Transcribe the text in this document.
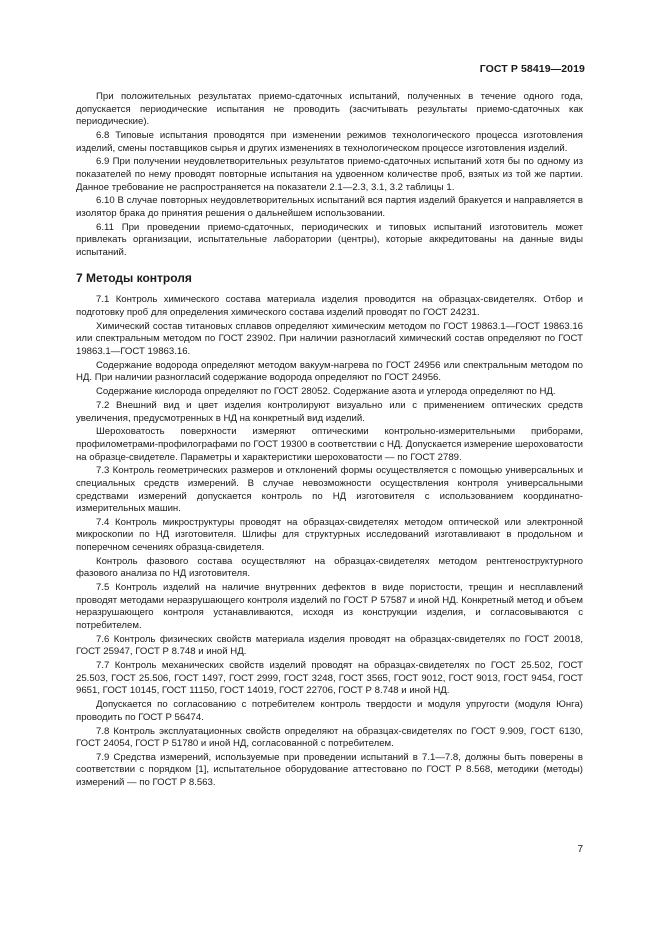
ГОСТ Р 58419—2019

При положительных результатах приемо-сдаточных испытаний, полученных в течение одного года, допускается периодические испытания не проводить (засчитывать результаты приемо-сдаточных как периодические).

6.8 Типовые испытания проводятся при изменении режимов технологического процесса изготовления изделий, смены поставщиков сырья и других изменениях в технологическом процессе изготовления изделий.

6.9 При получении неудовлетворительных результатов приемо-сдаточных испытаний хотя бы по одному из показателей по нему проводят повторные испытания на удвоенном количестве проб, взятых из той же партии. Данное требование не распространяется на показатели 2.1—2.3, 3.1, 3.2 таблицы 1.

6.10 В случае повторных неудовлетворительных испытаний вся партия изделий бракуется и направляется в изолятор брака до принятия решения о дальнейшем использовании.

6.11 При проведении приемо-сдаточных, периодических и типовых испытаний изготовитель может привлекать организации, испытательные лаборатории (центры), которые аккредитованы на данные виды испытаний.

7 Методы контроля

7.1 Контроль химического состава материала изделия проводится на образцах-свидетелях. Отбор и подготовку проб для определения химического состава изделий проводят по ГОСТ 24231.

Химический состав титановых сплавов определяют химическим методом по ГОСТ 19863.1—ГОСТ 19863.16 или спектральным методом по ГОСТ 23902. При наличии разногласий химический состав определяют по ГОСТ 19863.1—ГОСТ 19863.16.

Содержание водорода определяют методом вакуум-нагрева по ГОСТ 24956 или спектральным методом по НД. При наличии разногласий содержание водорода определяют по ГОСТ 24956.

Содержание кислорода определяют по ГОСТ 28052. Содержание азота и углерода определяют по НД.

7.2 Внешний вид и цвет изделия контролируют визуально или с применением оптических средств увеличения, предусмотренных в НД на конкретный вид изделий.

Шероховатость поверхности измеряют оптическими контрольно-измерительными приборами, профилометрами-профилографами по ГОСТ 19300 в соответствии с НД. Допускается измерение шероховатости на образце-свидетеле. Параметры и характеристики шероховатости — по ГОСТ 2789.

7.3 Контроль геометрических размеров и отклонений формы осуществляется с помощью универсальных и специальных средств измерений. В случае невозможности осуществления контроля универсальными средствами измерений допускается контроль по НД изготовителя с использованием координатно-измерительных машин.

7.4 Контроль микроструктуры проводят на образцах-свидетелях методом оптической или электронной микроскопии по НД изготовителя. Шлифы для структурных исследований изготавливают в продольном и поперечном сечениях образца-свидетеля.

Контроль фазового состава осуществляют на образцах-свидетелях методом рентгеноструктурного фазового анализа по НД изготовителя.

7.5 Контроль изделий на наличие внутренних дефектов в виде пористости, трещин и несплавлений проводят методами неразрушающего контроля изделий по ГОСТ Р 57587 и иной НД. Конкретный метод и объем неразрушающего контроля устанавливаются, исходя из конструкции изделия, и согласовываются с потребителем.

7.6 Контроль физических свойств материала изделия проводят на образцах-свидетелях по ГОСТ 20018, ГОСТ 25947, ГОСТ Р 8.748 и иной НД.

7.7 Контроль механических свойств изделий проводят на образцах-свидетелях по ГОСТ 25.502, ГОСТ 25.503, ГОСТ 25.506, ГОСТ 1497, ГОСТ 2999, ГОСТ 3248, ГОСТ 3565, ГОСТ 9012, ГОСТ 9013, ГОСТ 9454, ГОСТ 9651, ГОСТ 10145, ГОСТ 11150, ГОСТ 14019, ГОСТ 22706, ГОСТ Р 8.748 и иной НД.

Допускается по согласованию с потребителем контроль твердости и модуля упругости (модуля Юнга) проводить по ГОСТ Р 56474.

7.8 Контроль эксплуатационных свойств определяют на образцах-свидетелях по ГОСТ 9.909, ГОСТ 6130, ГОСТ 24054, ГОСТ Р 51780 и иной НД, согласованной с потребителем.

7.9 Средства измерений, используемые при проведении испытаний в 7.1—7.8, должны быть поверены в соответствии с порядком [1], испытательное оборудование аттестовано по ГОСТ Р 8.568, методики (методы) измерений — по ГОСТ Р 8.563.

7
